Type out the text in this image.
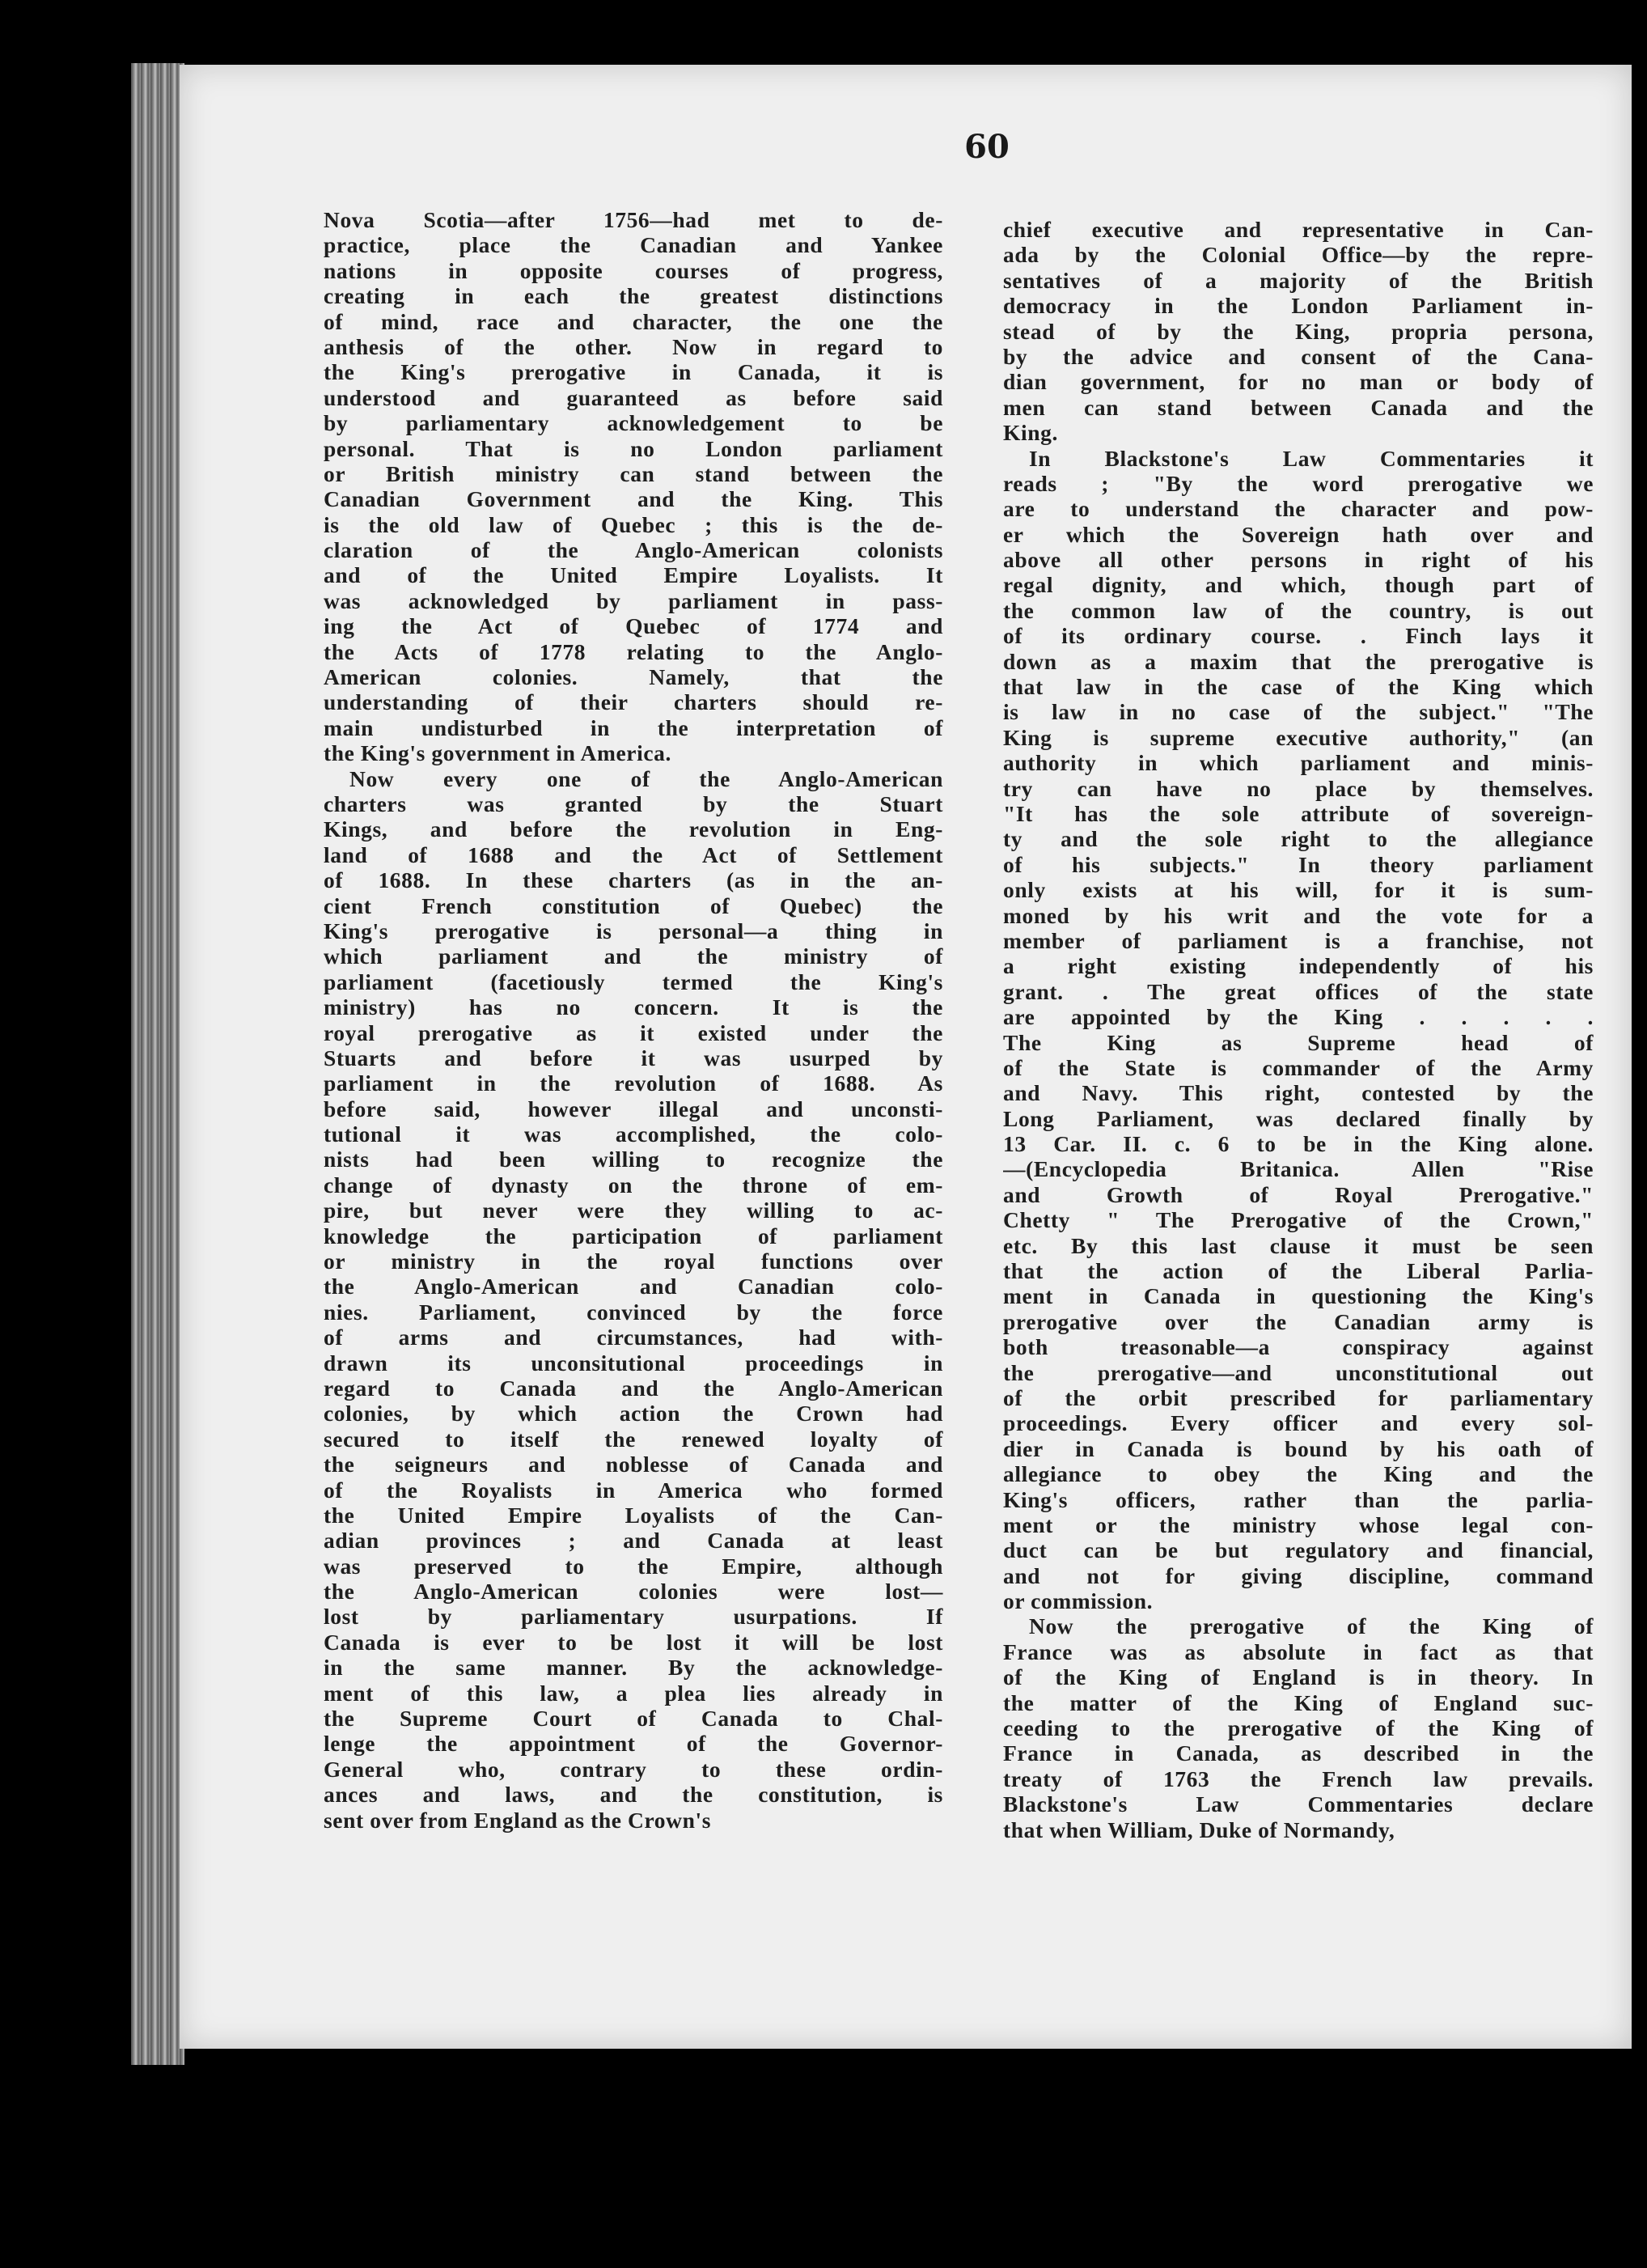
60
Nova Scotia—after 1756—had met to de-
practice, place the Canadian and Yankee
nations in opposite courses of progress,
creating in each the greatest distinctions
of mind, race and character, the one the
anthesis of the other. Now in regard to
the King's prerogative in Canada, it is
understood and guaranteed as before said
by parliamentary acknowledgement to be
personal. That is no London parliament
or British ministry can stand between the
Canadian Government and the King. This
is the old law of Quebec ; this is the de-
claration of the Anglo-American colonists
and of the United Empire Loyalists. It
was acknowledged by parliament in pass-
ing the Act of Quebec of 1774 and
the Acts of 1778 relating to the Anglo-
American colonies. Namely, that the
understanding of their charters should re-
main undisturbed in the interpretation of
the King's government in America.
Now every one of the Anglo-American
charters was granted by the Stuart
Kings, and before the revolution in Eng-
land of 1688 and the Act of Settlement
of 1688. In these charters (as in the an-
cient French constitution of Quebec) the
King's prerogative is personal—a thing in
which parliament and the ministry of
parliament (facetiously termed the King's
ministry) has no concern. It is the
royal prerogative as it existed under the
Stuarts and before it was usurped by
parliament in the revolution of 1688. As
before said, however illegal and unconsti-
tutional it was accomplished, the colo-
nists had been willing to recognize the
change of dynasty on the throne of em-
pire, but never were they willing to ac-
knowledge the participation of parliament
or ministry in the royal functions over
the Anglo-American and Canadian colo-
nies. Parliament, convinced by the force
of arms and circumstances, had with-
drawn its unconsitutional proceedings in
regard to Canada and the Anglo-American
colonies, by which action the Crown had
secured to itself the renewed loyalty of
the seigneurs and noblesse of Canada and
of the Royalists in America who formed
the United Empire Loyalists of the Can-
adian provinces ; and Canada at least
was preserved to the Empire, although
the Anglo-American colonies were lost—
lost by parliamentary usurpations. If
Canada is ever to be lost it will be lost
in the same manner. By the acknowledge-
ment of this law, a plea lies already in
the Supreme Court of Canada to Chal-
lenge the appointment of the Governor-
General who, contrary to these ordin-
ances and laws, and the constitution, is
sent over from England as the Crown's
chief executive and representative in Can-
ada by the Colonial Office—by the repre-
sentatives of a majority of the British
democracy in the London Parliament in-
stead of by the King, propria persona,
by the advice and consent of the Cana-
dian government, for no man or body of
men can stand between Canada and the
King.
In Blackstone's Law Commentaries it
reads ; "By the word prerogative we
are to understand the character and pow-
er which the Sovereign hath over and
above all other persons in right of his
regal dignity, and which, though part of
the common law of the country, is out
of its ordinary course. . Finch lays it
down as a maxim that the prerogative is
that law in the case of the King which
is law in no case of the subject." "The
King is supreme executive authority," (an
authority in which parliament and minis-
try can have no place by themselves.
"It has the sole attribute of sovereign-
ty and the sole right to the allegiance
of his subjects." In theory parliament
only exists at his will, for it is sum-
moned by his writ and the vote for a
member of parliament is a franchise, not
a right existing independently of his
grant. . The great offices of the state
are appointed by the King . . . . .
The King as Supreme head of
of the State is commander of the Army
and Navy. This right, contested by the
Long Parliament, was declared finally by
13 Car. II. c. 6 to be in the King alone.
—(Encyclopedia Britanica. Allen "Rise
and Growth of Royal Prerogative."
Chetty " The Prerogative of the Crown,"
etc. By this last clause it must be seen
that the action of the Liberal Parlia-
ment in Canada in questioning the King's
prerogative over the Canadian army is
both treasonable—a conspiracy against
the prerogative—and unconstitutional out
of the orbit prescribed for parliamentary
proceedings. Every officer and every sol-
dier in Canada is bound by his oath of
allegiance to obey the King and the
King's officers, rather than the parlia-
ment or the ministry whose legal con-
duct can be but regulatory and financial,
and not for giving discipline, command
or commission.
Now the prerogative of the King of
France was as absolute in fact as that
of the King of England is in theory. In
the matter of the King of England suc-
ceeding to the prerogative of the King of
France in Canada, as described in the
treaty of 1763 the French law prevails.
Blackstone's Law Commentaries declare
that when William, Duke of Normandy,
